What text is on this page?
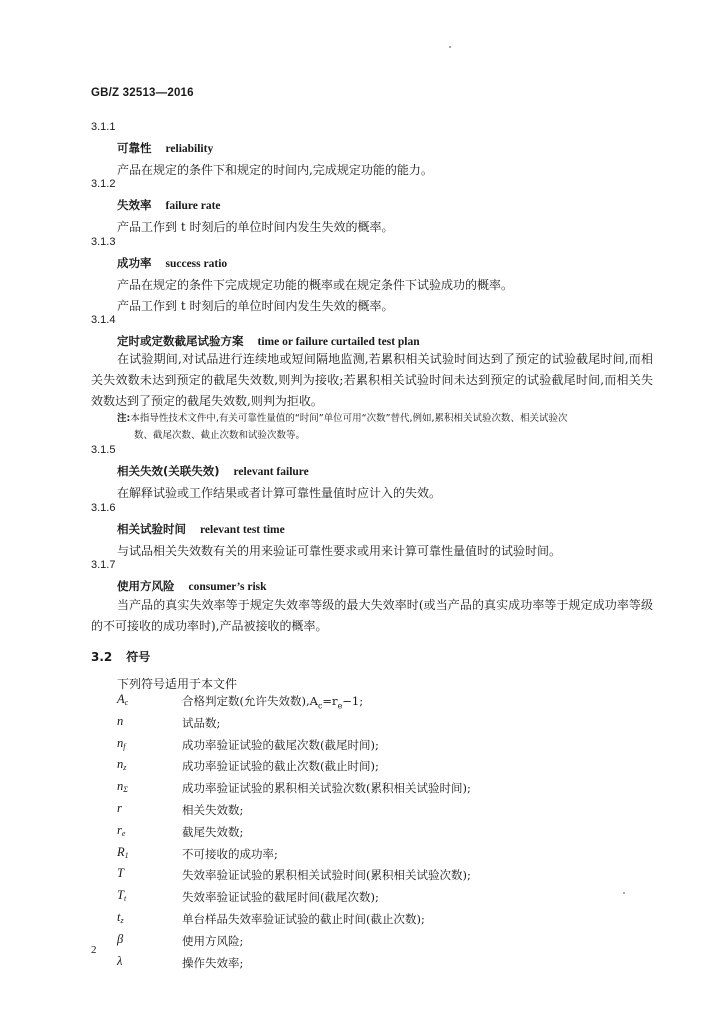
GB/Z 32513—2016
3.1.1
可靠性 reliability
产品在规定的条件下和规定的时间内,完成规定功能的能力。
3.1.2
失效率 failure rate
产品工作到 t 时刻后的单位时间内发生失效的概率。
3.1.3
成功率 success ratio
产品在规定的条件下完成规定功能的概率或在规定条件下试验成功的概率。
产品工作到 t 时刻后的单位时间内发生失效的概率。
3.1.4
定时或定数截尾试验方案 time or failure curtailed test plan
在试验期间,对试品进行连续地或短间隔地监测,若累积相关试验时间达到了预定的试验截尾时间,而相关失效数未达到预定的截尾失效数,则判为接收;若累积相关试验时间未达到预定的试验截尾时间,而相关失效数达到了预定的截尾失效数,则判为拒收。
注:本指导性技术文件中,有关可靠性量值的“时间”单位可用“次数”替代,例如,累积相关试验次数、相关试验次
数、截尾次数、截止次数和试验次数等。
3.1.5
相关失效(关联失效) relevant failure
在解释试验或工作结果或者计算可靠性量值时应计入的失效。
3.1.6
相关试验时间 relevant test time
与试品相关失效数有关的用来验证可靠性要求或用来计算可靠性量值时的试验时间。
3.1.7
使用方风险 consumer’s risk
当产品的真实失效率等于规定失效率等级的最大失效率时(或当产品的真实成功率等于规定成功率等级的不可接收的成功率时),产品被接收的概率。
3.2 符号
下列符号适用于本文件
$A_c$	合格判定数(允许失效数)$,A_c=r_e-1$;
n	试品数;
$n_f$	成功率验证试验的截尾次数(截尾时间);
$n_z$	成功率验证试验的截止次数(截止时间);
$n_\Sigma$	成功率验证试验的累积相关试验次数(累积相关试验时间);
r	相关失效数;
$r_e$	截尾失效数;
$R_1$	不可接收的成功率;
T	失效率验证试验的累积相关试验时间(累积相关试验次数);
$T_t$	失效率验证试验的截尾时间(截尾次数);
$t_z$	单台样品失效率验证试验的截止时间(截止次数);
β	使用方风险;
λ	操作失效率;
2
